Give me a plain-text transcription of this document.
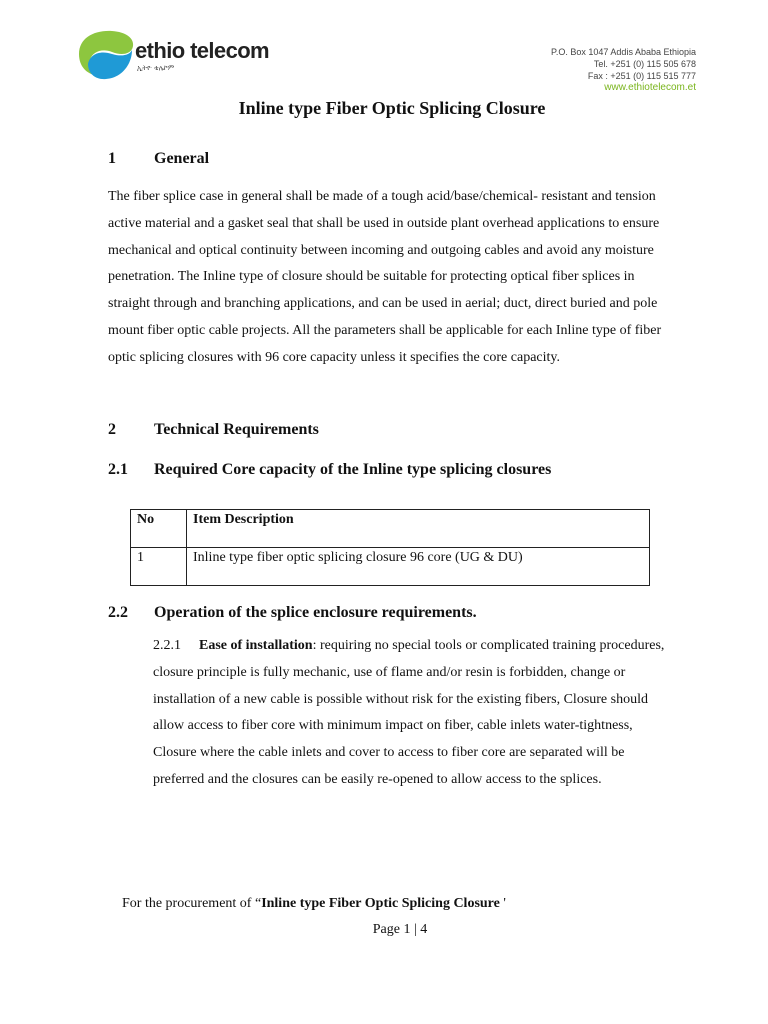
ethio telecom
ኢትዮ ቴሌኮም
P.O. Box 1047 Addis Ababa Ethiopia
Tel. +251 (0) 115 505 678
Fax : +251 (0) 115 515 777
www.ethiotelecom.et
Inline type Fiber Optic Splicing Closure
1 General

The fiber splice case in general shall be made of a tough acid/base/chemical- resistant and tension active material and a gasket seal that shall be used in outside plant overhead applications to ensure mechanical and optical continuity between incoming and outgoing cables and avoid any moisture penetration. The Inline type of closure should be suitable for protecting optical fiber splices in straight through and branching applications, and can be used in aerial; duct, direct buried and pole mount fiber optic cable projects. All the parameters shall be applicable for each Inline type of fiber optic splicing closures with 96 core capacity unless it specifies the core capacity.

2 Technical Requirements
2.1 Required Core capacity of the Inline type splicing closures
No	Item Description
1	Inline type fiber optic splicing closure 96 core (UG & DU)
2.2 Operation of the splice enclosure requirements.

2.2.1 Ease of installation: requiring no special tools or complicated training procedures, closure principle is fully mechanic, use of flame and/or resin is forbidden, change or installation of a new cable is possible without risk for the existing fibers, Closure should allow access to fiber core with minimum impact on fiber, cable inlets water-tightness, Closure where the cable inlets and cover to access to fiber core are separated will be preferred and the closures can be easily re-opened to allow access to the splices.

For the procurement of “Inline type Fiber Optic Splicing Closure '
Page 1 | 4
